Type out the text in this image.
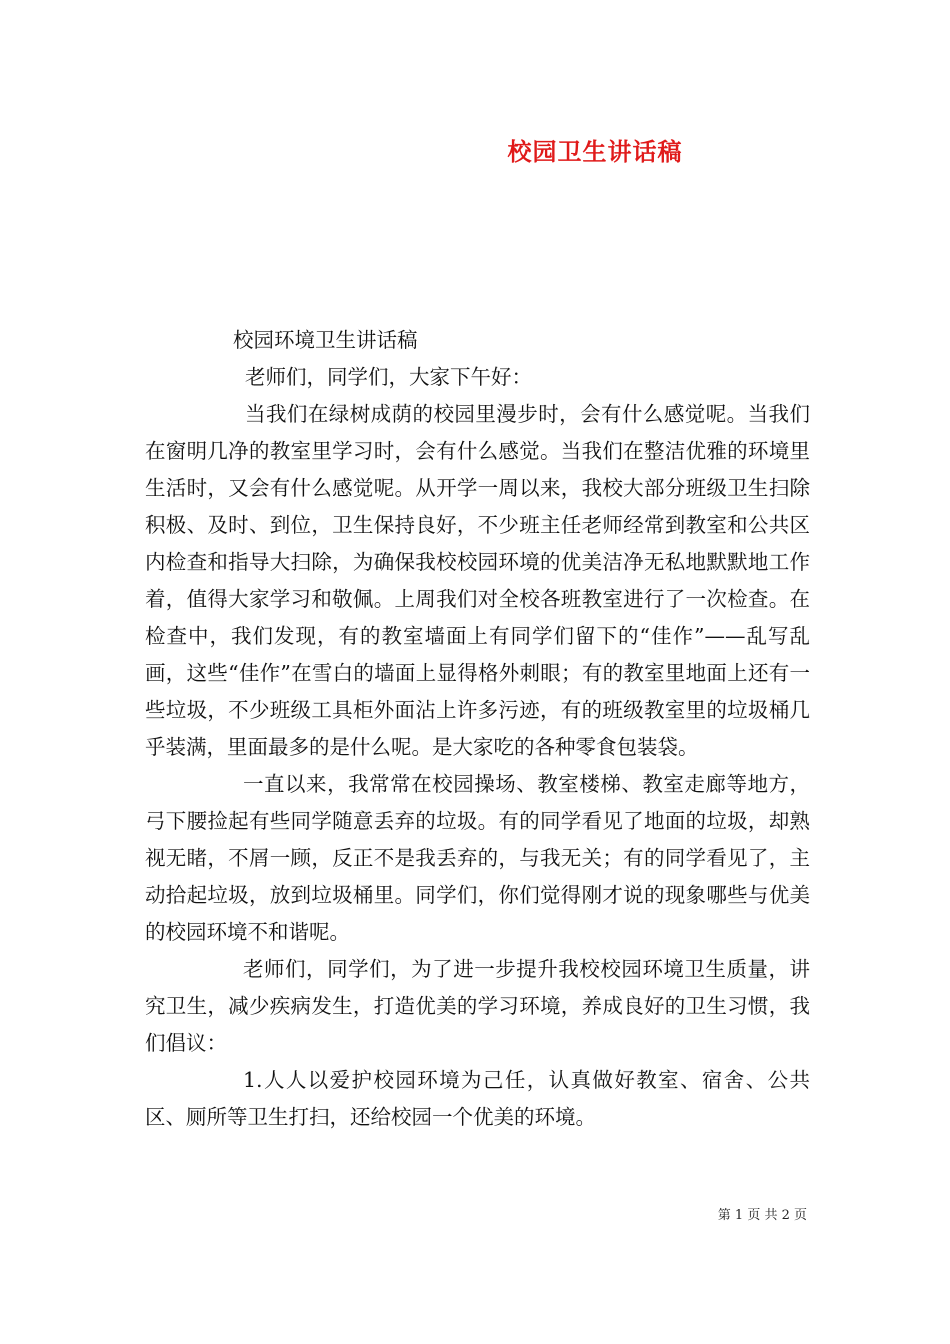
校园卫生讲话稿

校园环境卫生讲话稿

老师们，同学们，大家下午好：

当我们在绿树成荫的校园里漫步时，会有什么感觉呢。当我们在窗明几净的教室里学习时，会有什么感觉。当我们在整洁优雅的环境里生活时，又会有什么感觉呢。从开学一周以来，我校大部分班级卫生扫除积极、及时、到位，卫生保持良好，不少班主任老师经常到教室和公共区内检查和指导大扫除，为确保我校校园环境的优美洁净无私地默默地工作着，值得大家学习和敬佩。上周我们对全校各班教室进行了一次检查。在检查中，我们发现，有的教室墙面上有同学们留下的“佳作”——乱写乱画，这些“佳作”在雪白的墙面上显得格外刺眼；有的教室里地面上还有一些垃圾，不少班级工具柜外面沾上许多污迹，有的班级教室里的垃圾桶几乎装满，里面最多的是什么呢。是大家吃的各种零食包装袋。

一直以来，我常常在校园操场、教室楼梯、教室走廊等地方，弓下腰捡起有些同学随意丢弃的垃圾。有的同学看见了地面的垃圾，却熟视无睹，不屑一顾，反正不是我丢弃的，与我无关；有的同学看见了，主动拾起垃圾，放到垃圾桶里。同学们，你们觉得刚才说的现象哪些与优美的校园环境不和谐呢。

老师们，同学们，为了进一步提升我校校园环境卫生质量，讲究卫生，减少疾病发生，打造优美的学习环境，养成良好的卫生习惯，我们倡议：

1.人人以爱护校园环境为己任，认真做好教室、宿舍、公共区、厕所等卫生打扫，还给校园一个优美的环境。

第 1 页 共 2 页
